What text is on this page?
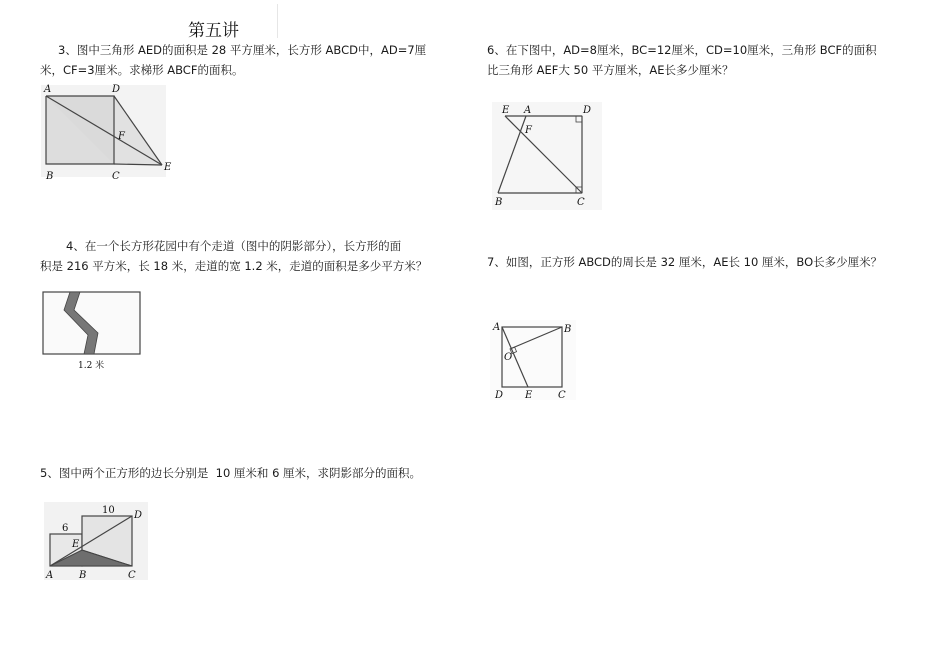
第五讲
3、图中三角形 AED的面积是 28 平方厘米，长方形 ABCD中，AD=7厘
米，CF=3厘米。求梯形 ABCF的面积。
A	D
F
E
B	C
4、在一个长方形花园中有个走道（图中的阴影部分），长方形的面
积是 216 平方米，长 18 米，走道的宽 1.2 米，走道的面积是多少平方米？
1.2 米
5、图中两个正方形的边长分别是  10 厘米和 6 厘米，求阴影部分的面积。
10
6
D
E
A	B	C
6、在下图中，AD=8厘米，BC=12厘米，CD=10厘米，三角形 BCF的面积
比三角形 AEF大 50 平方厘米，AE长多少厘米？
E A	D
F
B	C
7、如图，正方形 ABCD的周长是 32 厘米，AE长 10 厘米，BO长多少厘米？
A	B
O
D E	C
